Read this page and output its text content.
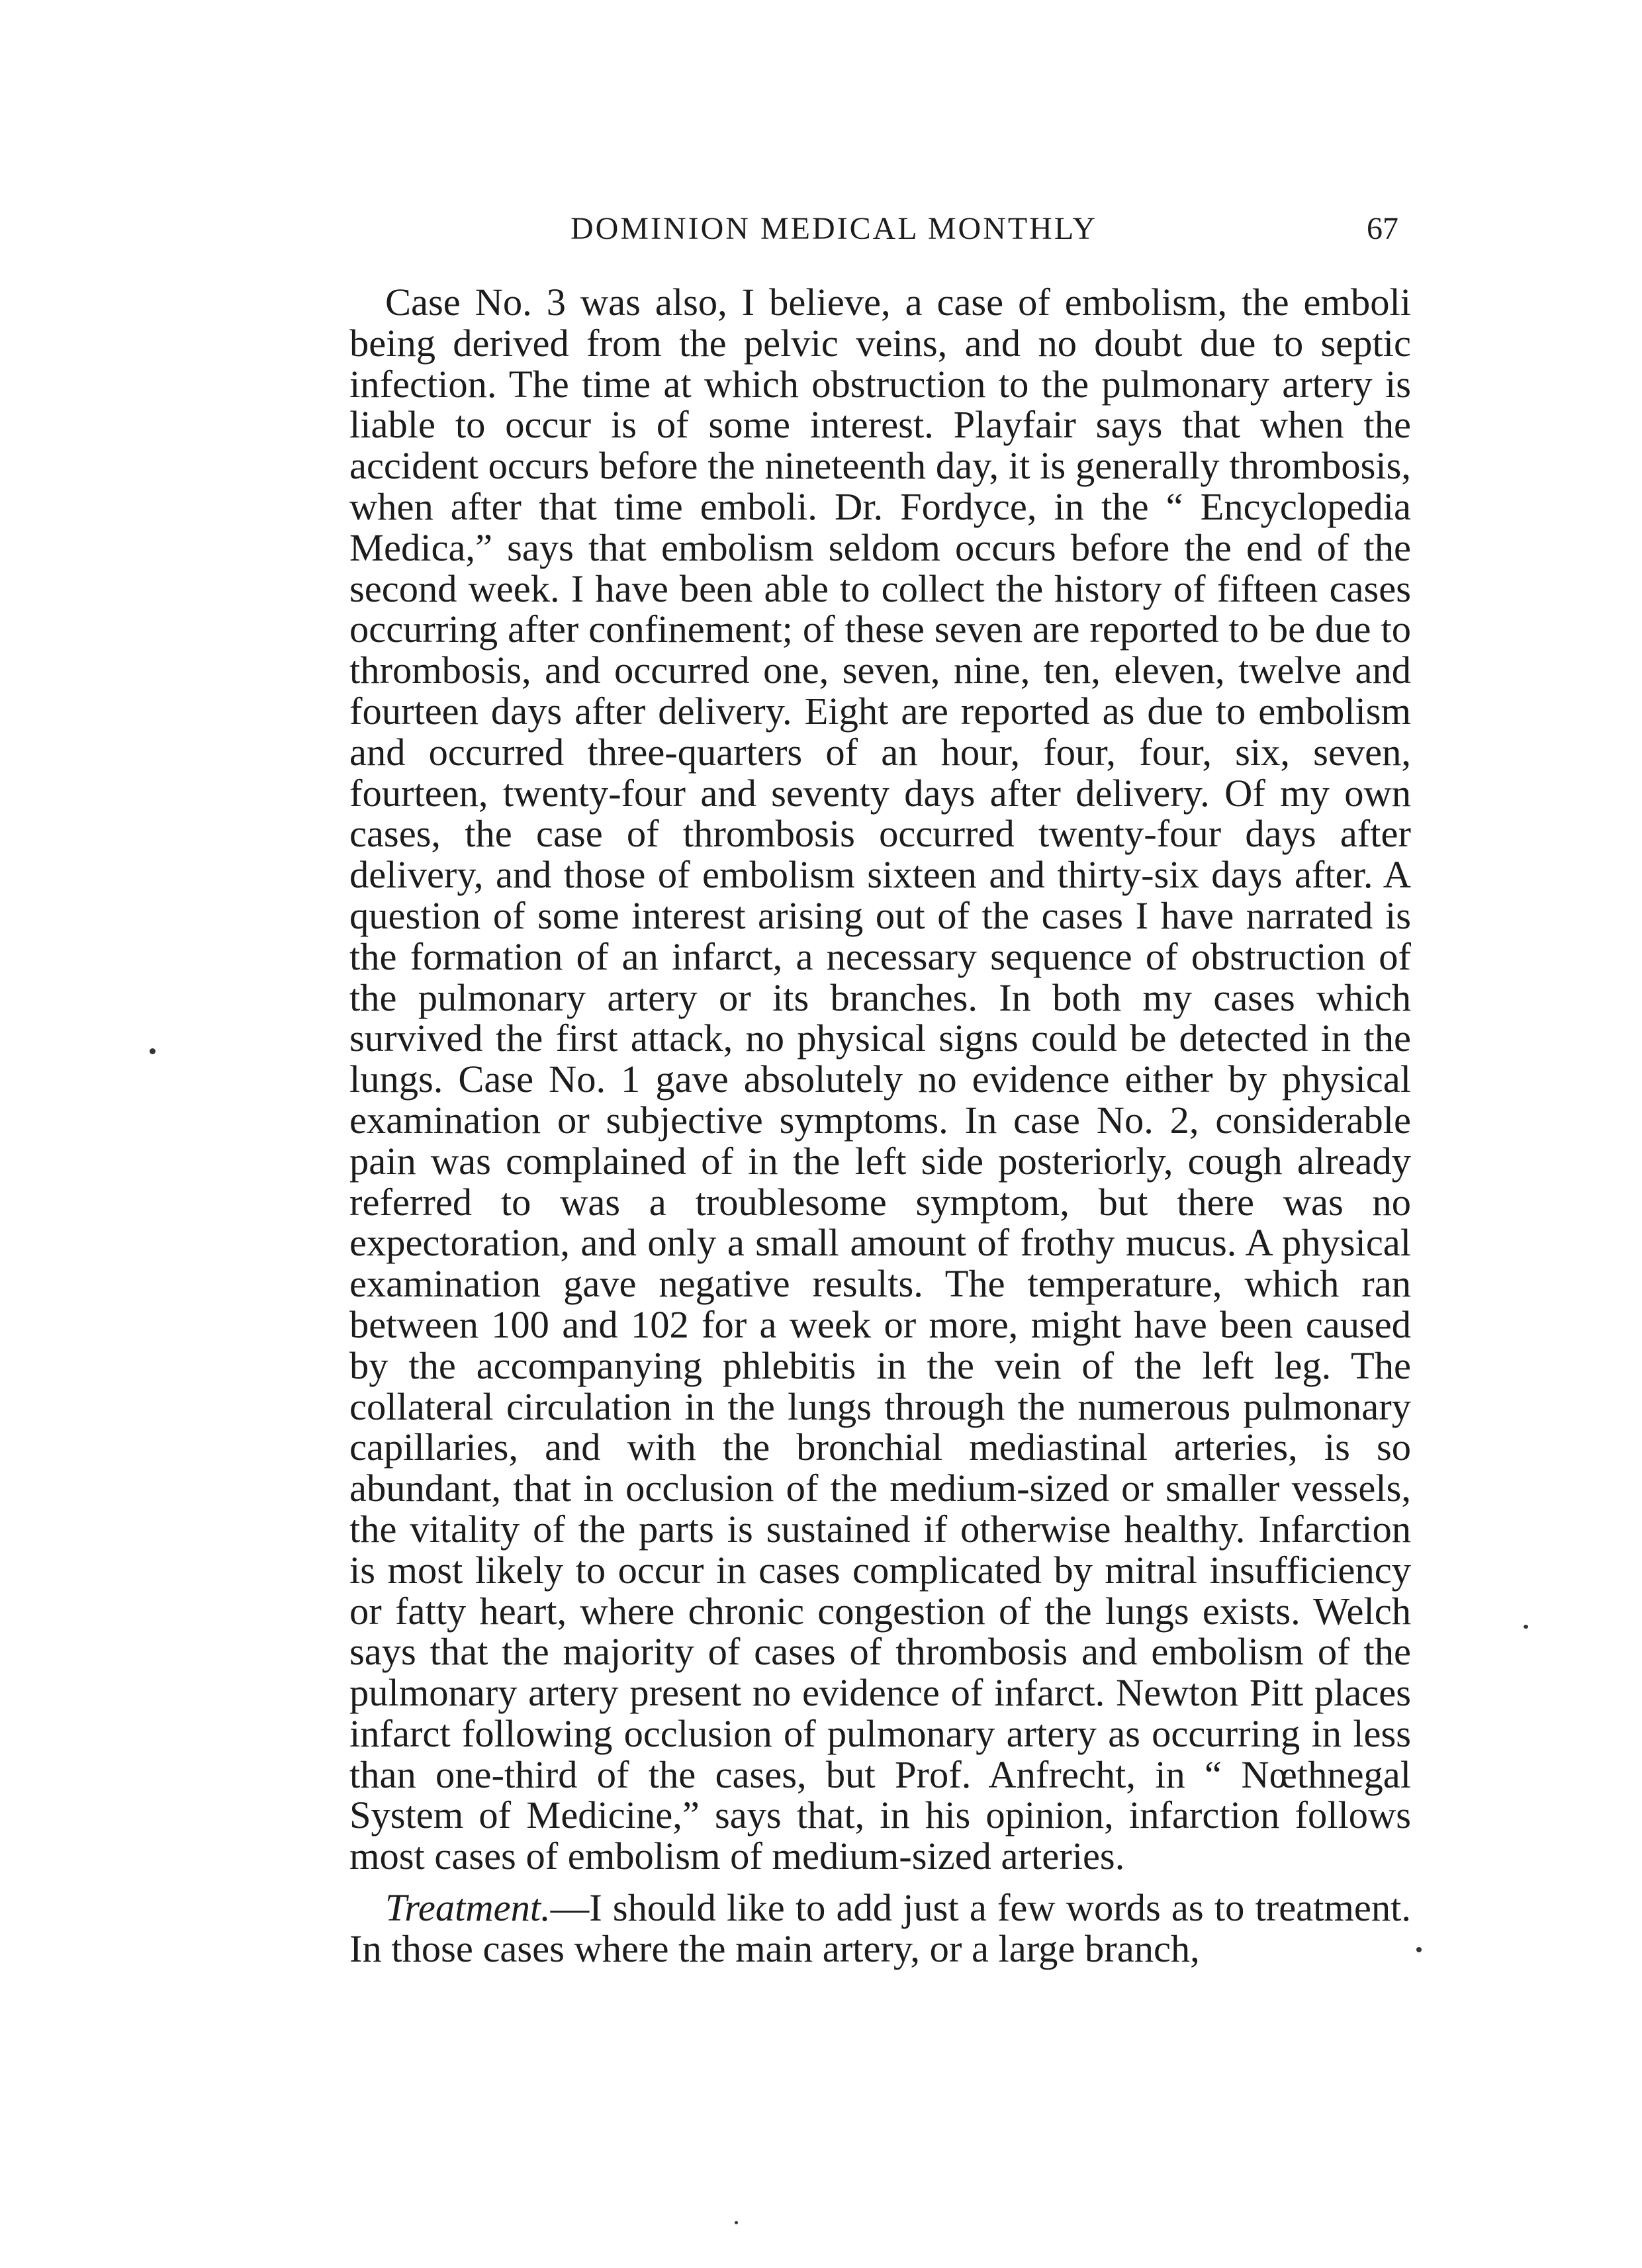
DOMINION MEDICAL MONTHLY	67

Case No. 3 was also, I believe, a case of embolism, the emboli being derived from the pelvic veins, and no doubt due to septic infection. The time at which obstruction to the pulmonary artery is liable to occur is of some interest. Playfair says that when the accident occurs before the nineteenth day, it is generally thrombosis, when after that time emboli. Dr. Fordyce, in the “ Encyclopedia Medica,” says that embolism seldom occurs before the end of the second week. I have been able to collect the history of fifteen cases occurring after confinement; of these seven are reported to be due to thrombosis, and occurred one, seven, nine, ten, eleven, twelve and fourteen days after delivery. Eight are reported as due to embolism and occurred three-quarters of an hour, four, four, six, seven, fourteen, twenty-four and seventy days after delivery. Of my own cases, the case of thrombosis occurred twenty-four days after delivery, and those of embolism sixteen and thirty-six days after. A question of some interest arising out of the cases I have narrated is the formation of an infarct, a necessary sequence of obstruction of the pulmonary artery or its branches. In both my cases which survived the first attack, no physical signs could be detected in the lungs. Case No. 1 gave absolutely no evidence either by physical examination or subjective symptoms. In case No. 2, considerable pain was complained of in the left side posteriorly, cough already referred to was a troublesome symptom, but there was no expectoration, and only a small amount of frothy mucus. A physical examination gave negative results. The temperature, which ran between 100 and 102 for a week or more, might have been caused by the accompanying phlebitis in the vein of the left leg. The collateral circulation in the lungs through the numerous pulmonary capillaries, and with the bronchial mediastinal arteries, is so abundant, that in occlusion of the medium-sized or smaller vessels, the vitality of the parts is sustained if otherwise healthy. Infarction is most likely to occur in cases complicated by mitral insufficiency or fatty heart, where chronic congestion of the lungs exists. Welch says that the majority of cases of thrombosis and embolism of the pulmonary artery present no evidence of infarct. Newton Pitt places infarct following occlusion of pulmonary artery as occurring in less than one-third of the cases, but Prof. Anfrecht, in “ Nœthnegal System of Medicine,” says that, in his opinion, infarction follows most cases of embolism of medium-sized arteries.

Treatment.—I should like to add just a few words as to treatment. In those cases where the main artery, or a large branch,
